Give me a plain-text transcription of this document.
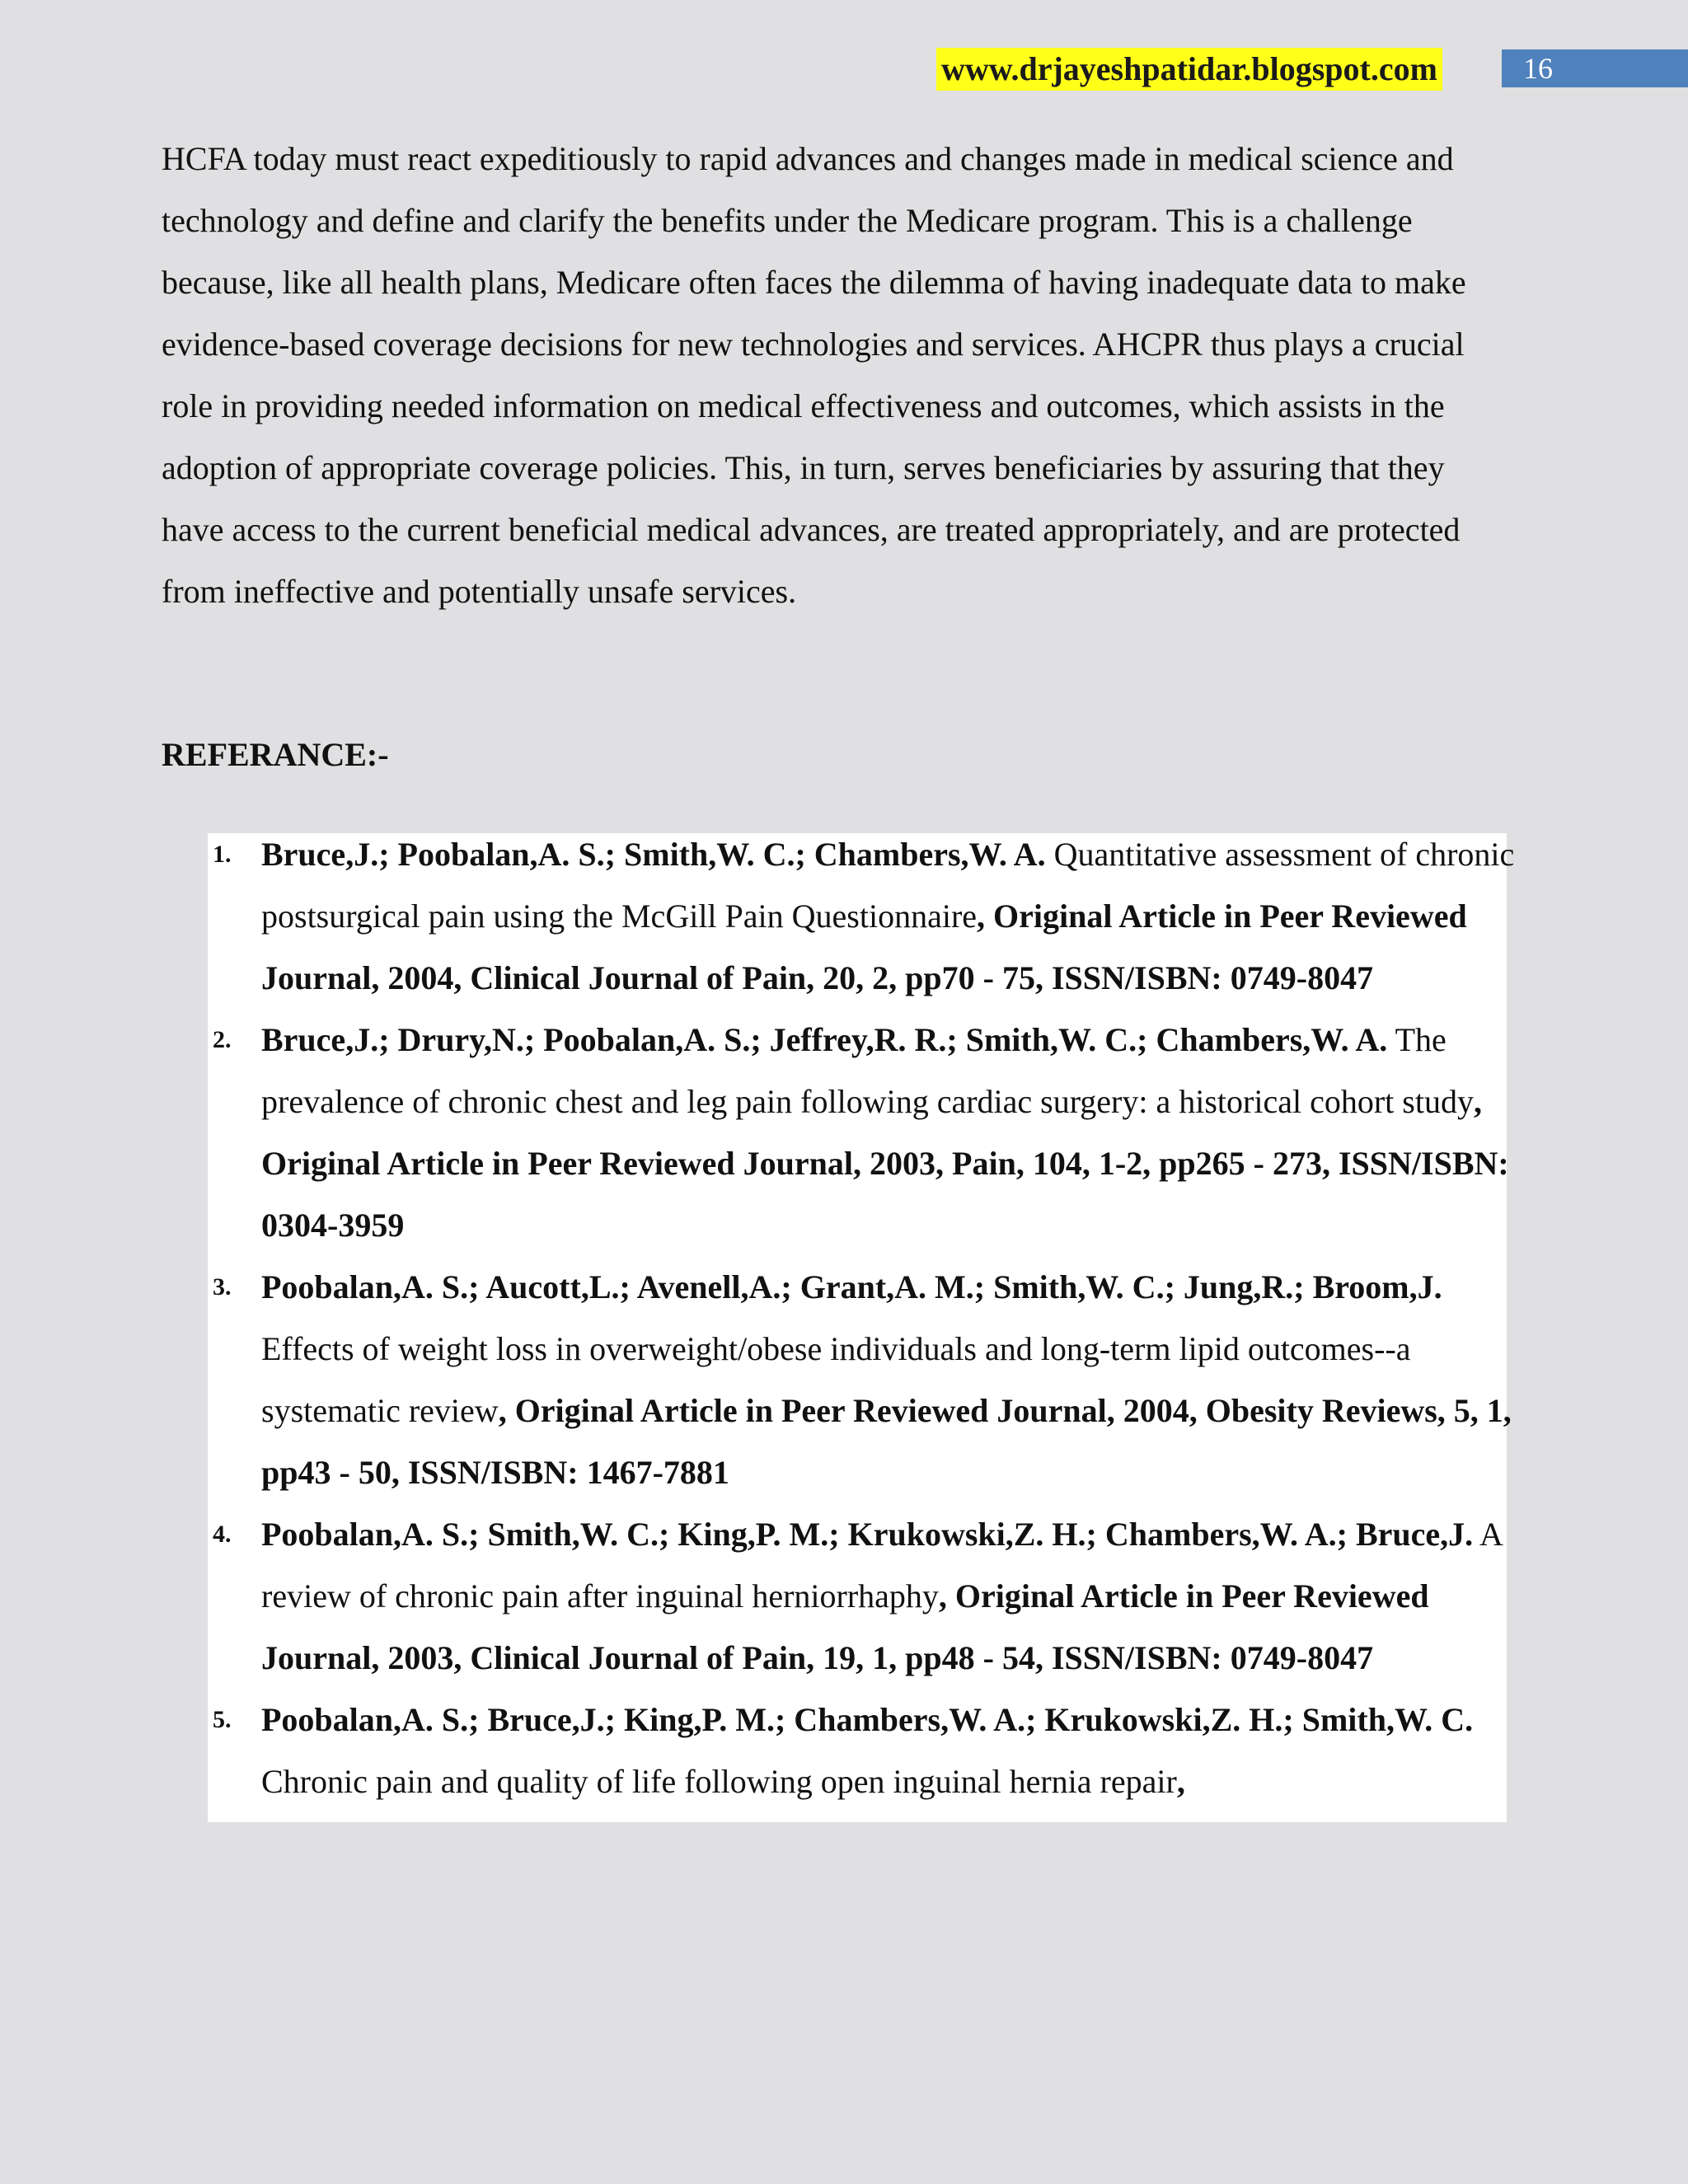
www.drjayeshpatidar.blogspot.com	16

HCFA today must react expeditiously to rapid advances and changes made in medical science and technology and define and clarify the benefits under the Medicare program. This is a challenge because, like all health plans, Medicare often faces the dilemma of having inadequate data to make evidence-based coverage decisions for new technologies and services. AHCPR thus plays a crucial role in providing needed information on medical effectiveness and outcomes, which assists in the adoption of appropriate coverage policies. This, in turn, serves beneficiaries by assuring that they have access to the current beneficial medical advances, are treated appropriately, and are protected from ineffective and potentially unsafe services.

REFERANCE:-

1. Bruce,J.; Poobalan,A. S.; Smith,W. C.; Chambers,W. A. Quantitative assessment of chronic postsurgical pain using the McGill Pain Questionnaire, Original Article in Peer Reviewed Journal, 2004, Clinical Journal of Pain, 20, 2, pp70 - 75, ISSN/ISBN: 0749-8047
2. Bruce,J.; Drury,N.; Poobalan,A. S.; Jeffrey,R. R.; Smith,W. C.; Chambers,W. A. The prevalence of chronic chest and leg pain following cardiac surgery: a historical cohort study, Original Article in Peer Reviewed Journal, 2003, Pain, 104, 1-2, pp265 - 273, ISSN/ISBN: 0304-3959
3. Poobalan,A. S.; Aucott,L.; Avenell,A.; Grant,A. M.; Smith,W. C.; Jung,R.; Broom,J. Effects of weight loss in overweight/obese individuals and long-term lipid outcomes--a systematic review, Original Article in Peer Reviewed Journal, 2004, Obesity Reviews, 5, 1, pp43 - 50, ISSN/ISBN: 1467-7881
4. Poobalan,A. S.; Smith,W. C.; King,P. M.; Krukowski,Z. H.; Chambers,W. A.; Bruce,J. A review of chronic pain after inguinal herniorrhaphy, Original Article in Peer Reviewed Journal, 2003, Clinical Journal of Pain, 19, 1, pp48 - 54, ISSN/ISBN: 0749-8047
5. Poobalan,A. S.; Bruce,J.; King,P. M.; Chambers,W. A.; Krukowski,Z. H.; Smith,W. C. Chronic pain and quality of life following open inguinal hernia repair,
